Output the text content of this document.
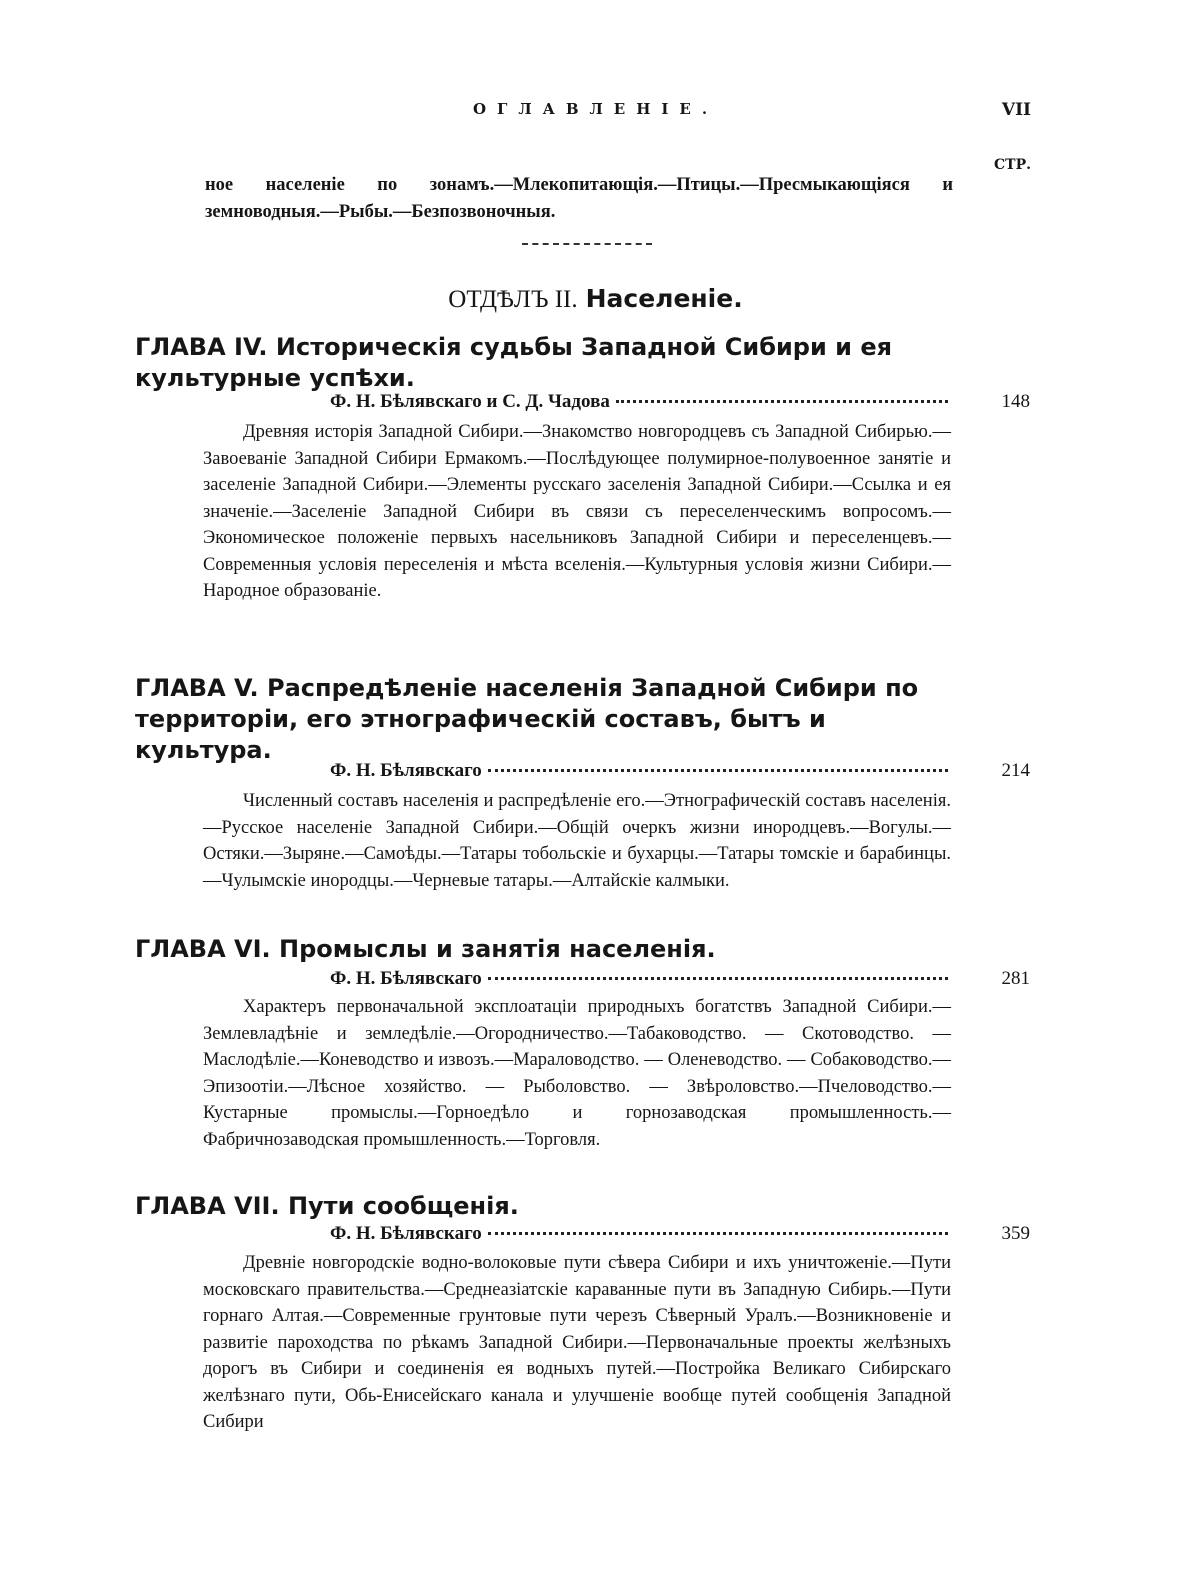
ОГЛАВЛЕНІЕ.	VII
СТР.

ное населеніе по зонамъ.—Млекопитающія.—Птицы.—Пресмыкающіяся и земноводныя.—Рыбы.—Безпозвоночныя.

ОТДѢЛЪ II. Населеніе.
ГЛАВА IV. Историческія судьбы Западной Сибири и ея культурные успѣхи.
Ф. Н. Бѣлявскаго и С. Д. Чадова	148

Древняя исторія Западной Сибири.—Знакомство новгородцевъ съ Западной Сибирью.—Завоеваніе Западной Сибири Ермакомъ.—Послѣдующее полумирное-полувоенное занятіе и заселеніе Западной Сибири.—Элементы русскаго заселенія Западной Сибири.—Ссылка и ея значеніе.—Заселеніе Западной Сибири въ связи съ переселенческимъ вопросомъ.—Экономическое положеніе первыхъ насельниковъ Западной Сибири и переселенцевъ.—Современныя условія переселенія и мѣста вселенія.—Культурныя условія жизни Сибири.—Народное образованіе.

ГЛАВА V. Распредѣленіе населенія Западной Сибири по территоріи, его этнографическій составъ, бытъ и культура.
Ф. Н. Бѣлявскаго	214

Численный составъ населенія и распредѣленіе его.—Этнографическій составъ населенія.—Русское населеніе Западной Сибири.—Общій очеркъ жизни инородцевъ.—Вогулы.—Остяки.—Зыряне.—Самоѣды.—Татары тобольскіе и бухарцы.—Татары томскіе и барабинцы.—Чулымскіе инородцы.—Черневые татары.—Алтайскіе калмыки.

ГЛАВА VI. Промыслы и занятія населенія.
Ф. Н. Бѣлявскаго	281

Характеръ первоначальной эксплоатаціи природныхъ богатствъ Западной Сибири.—Землевладѣніе и земледѣліе.—Огородничество.—Табаководство. — Скотоводство. — Маслодѣліе.—Коневодство и извозъ.—Мараловодство. — Оленеводство. — Собаководство.—Эпизоотіи.—Лѣсное хозяйство. — Рыболовство. — Звѣроловство.—Пчеловодство.—Кустарные промыслы.—Горноедѣло и горнозаводская промышленность.—Фабричнозаводская промышленность.—Торговля.

ГЛАВА VII. Пути сообщенія.
Ф. Н. Бѣлявскаго	359

Древніе новгородскіе водно-волоковые пути сѣвера Сибири и ихъ уничтоженіе.—Пути московскаго правительства.—Среднеазіатскіе караванные пути въ Западную Сибирь.—Пути горнаго Алтая.—Современные грунтовые пути черезъ Сѣверный Уралъ.—Возникновеніе и развитіе пароходства по рѣкамъ Западной Сибири.—Первоначальные проекты желѣзныхъ дорогъ въ Сибири и соединенія ея водныхъ путей.—Постройка Великаго Сибирскаго желѣзнаго пути, Обь-Енисейскаго канала и улучшеніе вообще путей сообщенія Западной Сибири
